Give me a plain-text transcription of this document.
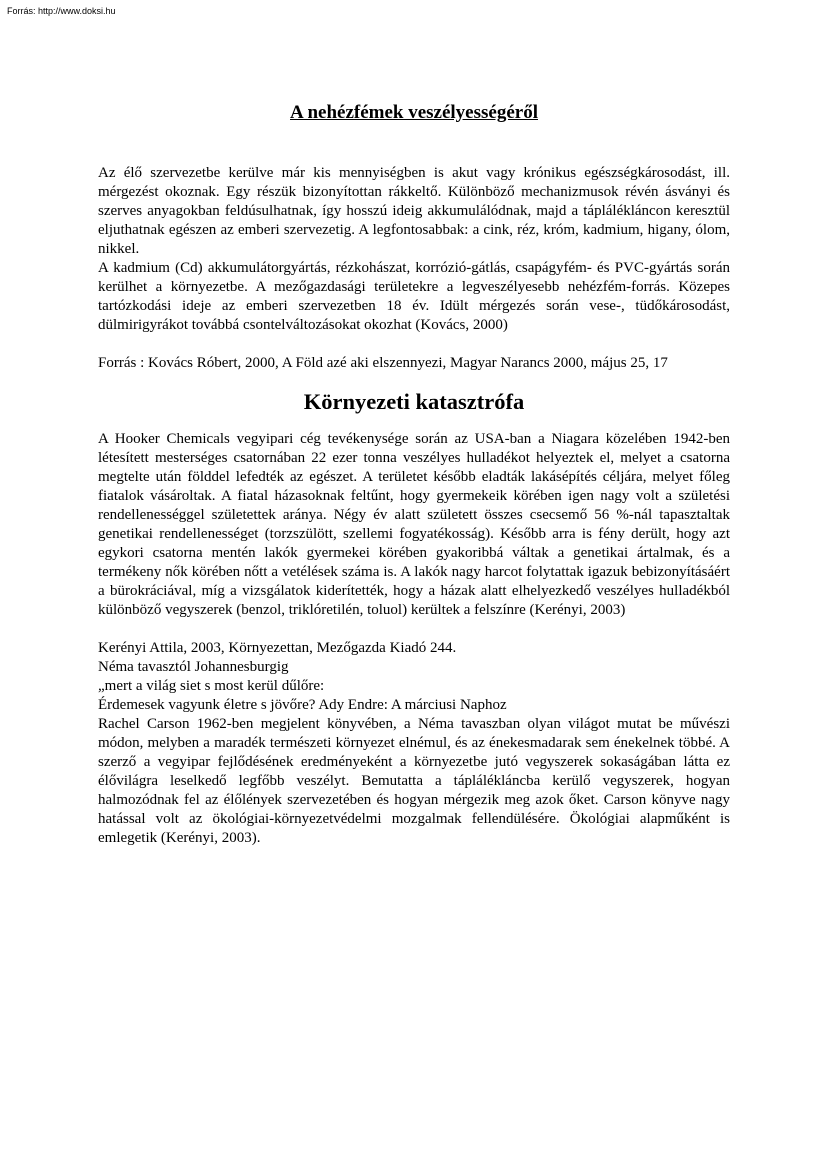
Forrás: http://www.doksi.hu
A nehézfémek veszélyességéről

Az élő szervezetbe kerülve már kis mennyiségben is akut vagy krónikus egészségkárosodást, ill. mérgezést okoznak. Egy részük bizonyítottan rákkeltő. Különböző mechanizmusok révén ásványi és szerves anyagokban feldúsulhatnak, így hosszú ideig akkumulálódnak, majd a táplálékláncon keresztül eljuthatnak egészen az emberi szervezetig. A legfontosabbak: a cink, réz, króm, kadmium, higany, ólom, nikkel.

A kadmium (Cd) akkumulátorgyártás, rézkohászat, korrózió-gátlás, csapágyfém- és PVC-gyártás során kerülhet a környezetbe. A mezőgazdasági területekre a legveszélyesebb nehézfém-forrás. Közepes tartózkodási ideje az emberi szervezetben 18 év. Idült mérgezés során vese-, tüdőkárosodást, dülmirigyrákot továbbá csontelváltozásokat okozhat (Kovács, 2000)

Forrás : Kovács Róbert, 2000, A Föld azé aki elszennyezi, Magyar Narancs 2000, május 25, 17

Környezeti katasztrófa

A Hooker Chemicals vegyipari cég tevékenysége során az USA-ban a Niagara közelében 1942-ben létesített mesterséges csatornában 22 ezer tonna veszélyes hulladékot helyeztek el, melyet a csatorna megtelte után földdel lefedték az egészet. A területet később eladták lakásépítés céljára, melyet főleg fiatalok vásároltak. A fiatal házasoknak feltűnt, hogy gyermekeik körében igen nagy volt a születési rendellenességgel születettek aránya. Négy év alatt született összes csecsemő 56 %-nál tapasztaltak genetikai rendellenességet (torzszülött, szellemi fogyatékosság). Később arra is fény derült, hogy azt egykori csatorna mentén lakók gyermekei körében gyakoribbá váltak a genetikai ártalmak, és a termékeny nők körében nőtt a vetélések száma is. A lakók nagy harcot folytattak igazuk bebizonyításáért a bürokráciával, míg a vizsgálatok kiderítették, hogy a házak alatt elhelyezkedő veszélyes hulladékból különböző vegyszerek (benzol, triklóretilén, toluol) kerültek a felszínre (Kerényi, 2003)

Kerényi Attila, 2003, Környezettan, Mezőgazda Kiadó 244.

Néma tavasztól Johannesburgig

„mert a világ siet s most kerül dűlőre:

Érdemesek vagyunk életre s jövőre? Ady Endre: A márciusi Naphoz

Rachel Carson 1962-ben megjelent könyvében, a Néma tavaszban olyan világot mutat be művészi módon, melyben a maradék természeti környezet elnémul, és az énekesmadarak sem énekelnek többé. A szerző a vegyipar fejlődésének eredményeként a környezetbe jutó vegyszerek sokaságában látta ez élővilágra leselkedő legfőbb veszélyt. Bemutatta a táplálékláncba kerülő vegyszerek, hogyan halmozódnak fel az élőlények szervezetében és hogyan mérgezik meg azok őket. Carson könyve nagy hatással volt az ökológiai-környezetvédelmi mozgalmak fellendülésére. Ökológiai alapműként is emlegetik (Kerényi, 2003).
